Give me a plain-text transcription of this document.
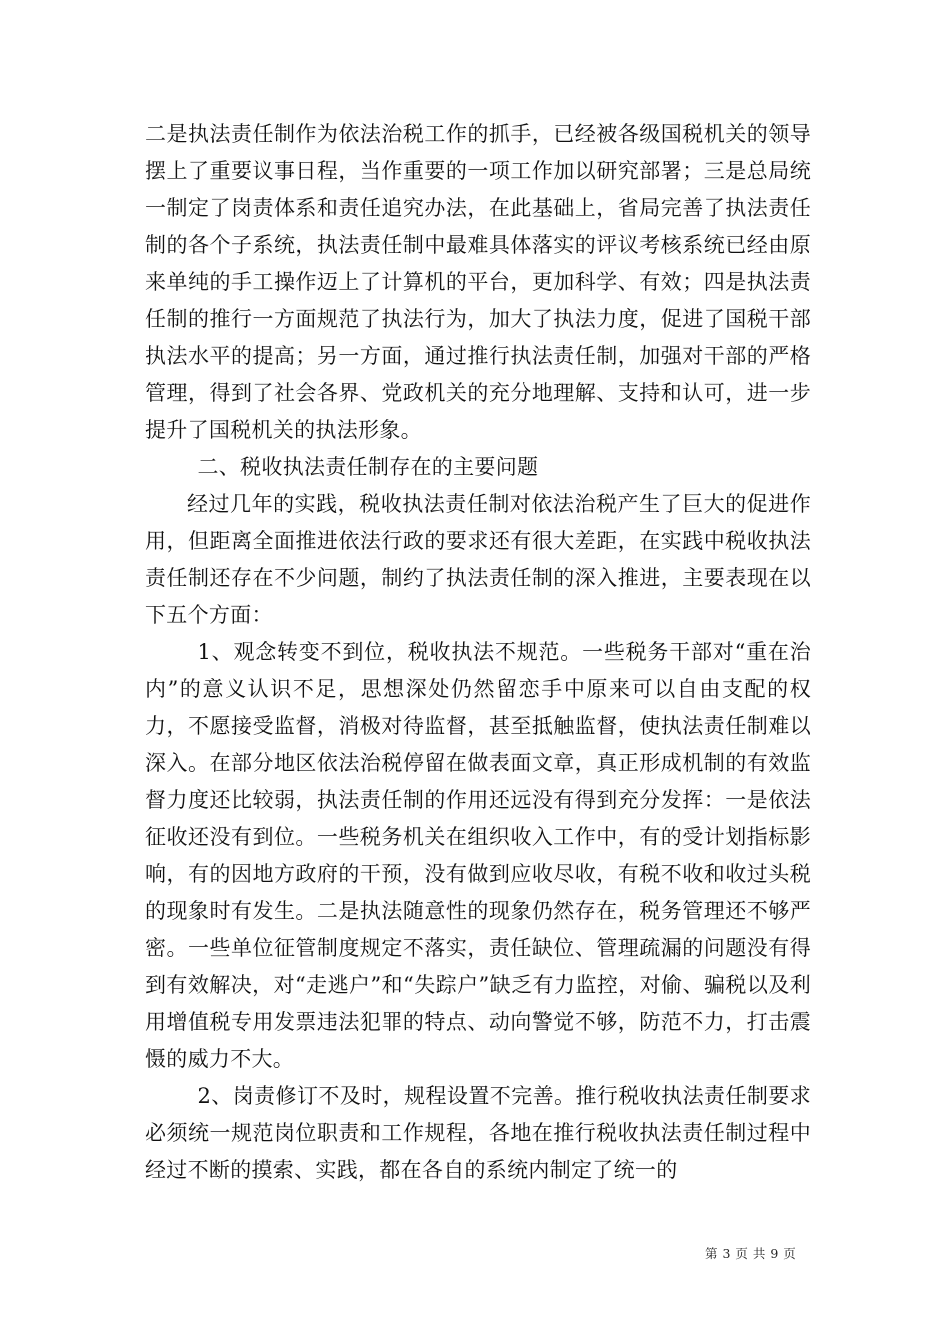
二是执法责任制作为依法治税工作的抓手，已经被各级国税机关的领导摆上了重要议事日程，当作重要的一项工作加以研究部署；三是总局统一制定了岗责体系和责任追究办法，在此基础上，省局完善了执法责任制的各个子系统，执法责任制中最难具体落实的评议考核系统已经由原来单纯的手工操作迈上了计算机的平台，更加科学、有效；四是执法责任制的推行一方面规范了执法行为，加大了执法力度，促进了国税干部执法水平的提高；另一方面，通过推行执法责任制，加强对干部的严格管理，得到了社会各界、党政机关的充分地理解、支持和认可，进一步提升了国税机关的执法形象。

二、税收执法责任制存在的主要问题

经过几年的实践，税收执法责任制对依法治税产生了巨大的促进作用，但距离全面推进依法行政的要求还有很大差距，在实践中税收执法责任制还存在不少问题，制约了执法责任制的深入推进，主要表现在以下五个方面：

1、观念转变不到位，税收执法不规范。一些税务干部对“重在治内”的意义认识不足，思想深处仍然留恋手中原来可以自由支配的权力，不愿接受监督，消极对待监督，甚至抵触监督，使执法责任制难以深入。在部分地区依法治税停留在做表面文章，真正形成机制的有效监督力度还比较弱，执法责任制的作用还远没有得到充分发挥：一是依法征收还没有到位。一些税务机关在组织收入工作中，有的受计划指标影响，有的因地方政府的干预，没有做到应收尽收，有税不收和收过头税的现象时有发生。二是执法随意性的现象仍然存在，税务管理还不够严密。一些单位征管制度规定不落实，责任缺位、管理疏漏的问题没有得到有效解决，对“走逃户”和“失踪户”缺乏有力监控，对偷、骗税以及利用增值税专用发票违法犯罪的特点、动向警觉不够，防范不力，打击震慑的威力不大。

2、岗责修订不及时，规程设置不完善。推行税收执法责任制要求必须统一规范岗位职责和工作规程，各地在推行税收执法责任制过程中经过不断的摸索、实践，都在各自的系统内制定了统一的

第 3 页 共 9 页
